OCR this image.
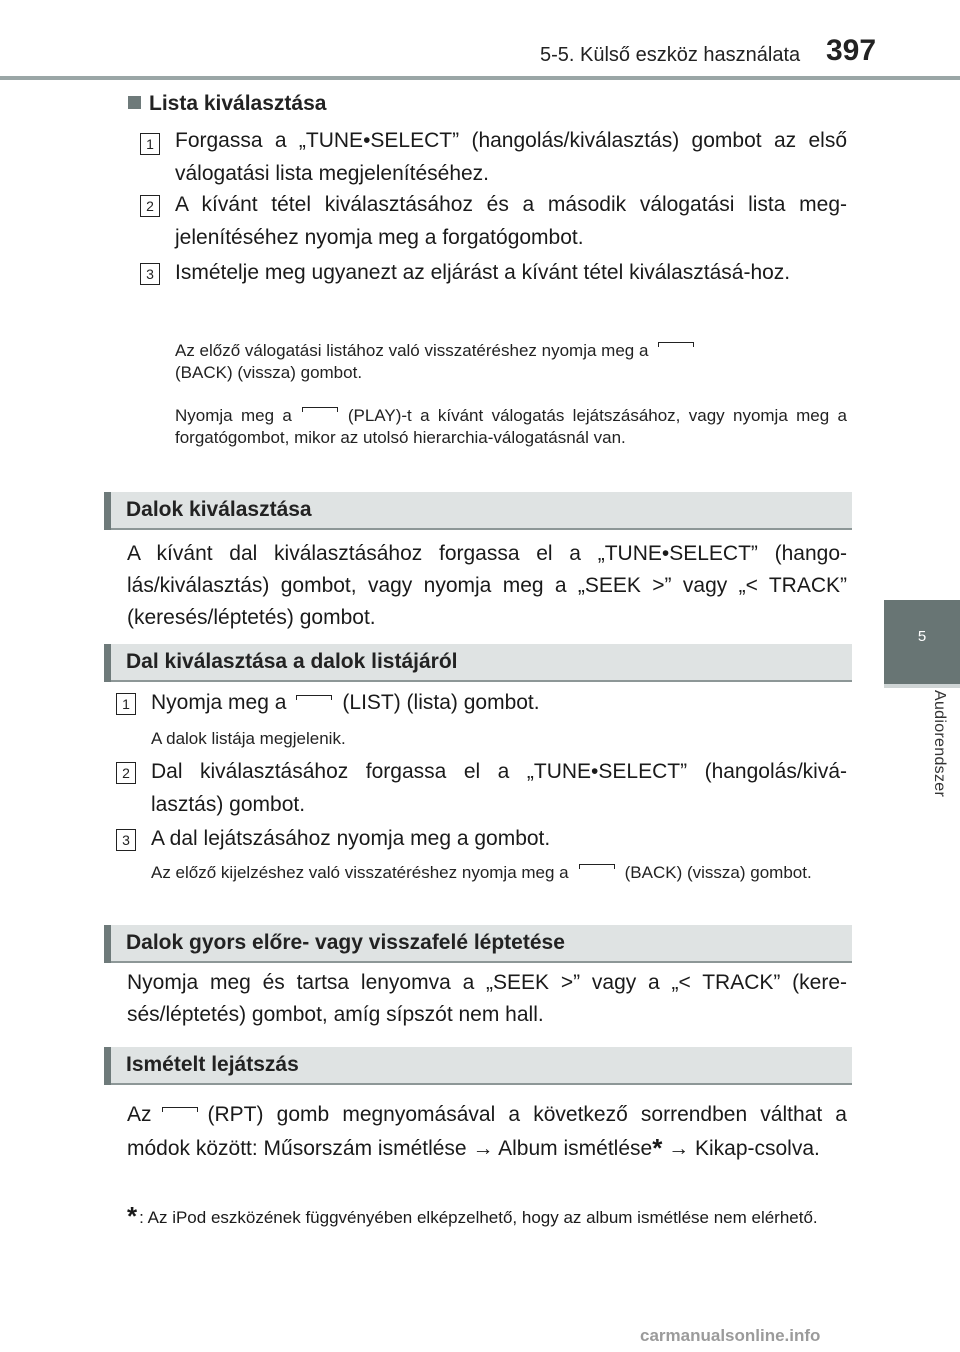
5-5. Külső eszköz használata 397
5
Audiorendszer
Lista kiválasztása
1 Forgassa a „TUNE•SELECT” (hangolás/kiválasztás) gombot az első válogatási lista megjelenítéséhez.
2 A kívánt tétel kiválasztásához és a második válogatási lista meg-jelenítéséhez nyomja meg a forgatógombot.
3 Ismételje meg ugyanezt az eljárást a kívánt tétel kiválasztásá-hoz.
Az előző válogatási listához való visszatéréshez nyomja meg a
(BACK) (vissza) gombot.
Nyomja meg a	(PLAY)-t a kívánt válogatás lejátszásához, vagy nyomja meg a forgatógombot, mikor az utolsó hierarchia-válogatásnál van.
Dalok kiválasztása
A kívánt dal kiválasztásához forgassa el a „TUNE•SELECT” (hango-lás/kiválasztás) gombot, vagy nyomja meg a „SEEK >” vagy „< TRACK” (keresés/léptetés) gombot.
Dal kiválasztása a dalok listájáról
1 Nyomja meg a	(LIST) (lista) gombot.
A dalok listája megjelenik.
2 Dal kiválasztásához forgassa el a „TUNE•SELECT” (hangolás/kivá-lasztás) gombot.
3 A dal lejátszásához nyomja meg a gombot.
Az előző kijelzéshez való visszatéréshez nyomja meg a	(BACK) (vissza) gombot.
Dalok gyors előre- vagy visszafelé léptetése
Nyomja meg és tartsa lenyomva a „SEEK >” vagy a „< TRACK” (kere-sés/léptetés) gombot, amíg sípszót nem hall.
Ismételt lejátszás
Az	(RPT) gomb megnyomásával a következő sorrendben válthat a módok között: Műsorszám ismétlése → Album ismétlése* → Kikap-csolva.
* : Az iPod eszközének függvényében elképzelhető, hogy az album ismétlése nem elérhető.
carmanualsonline.info
